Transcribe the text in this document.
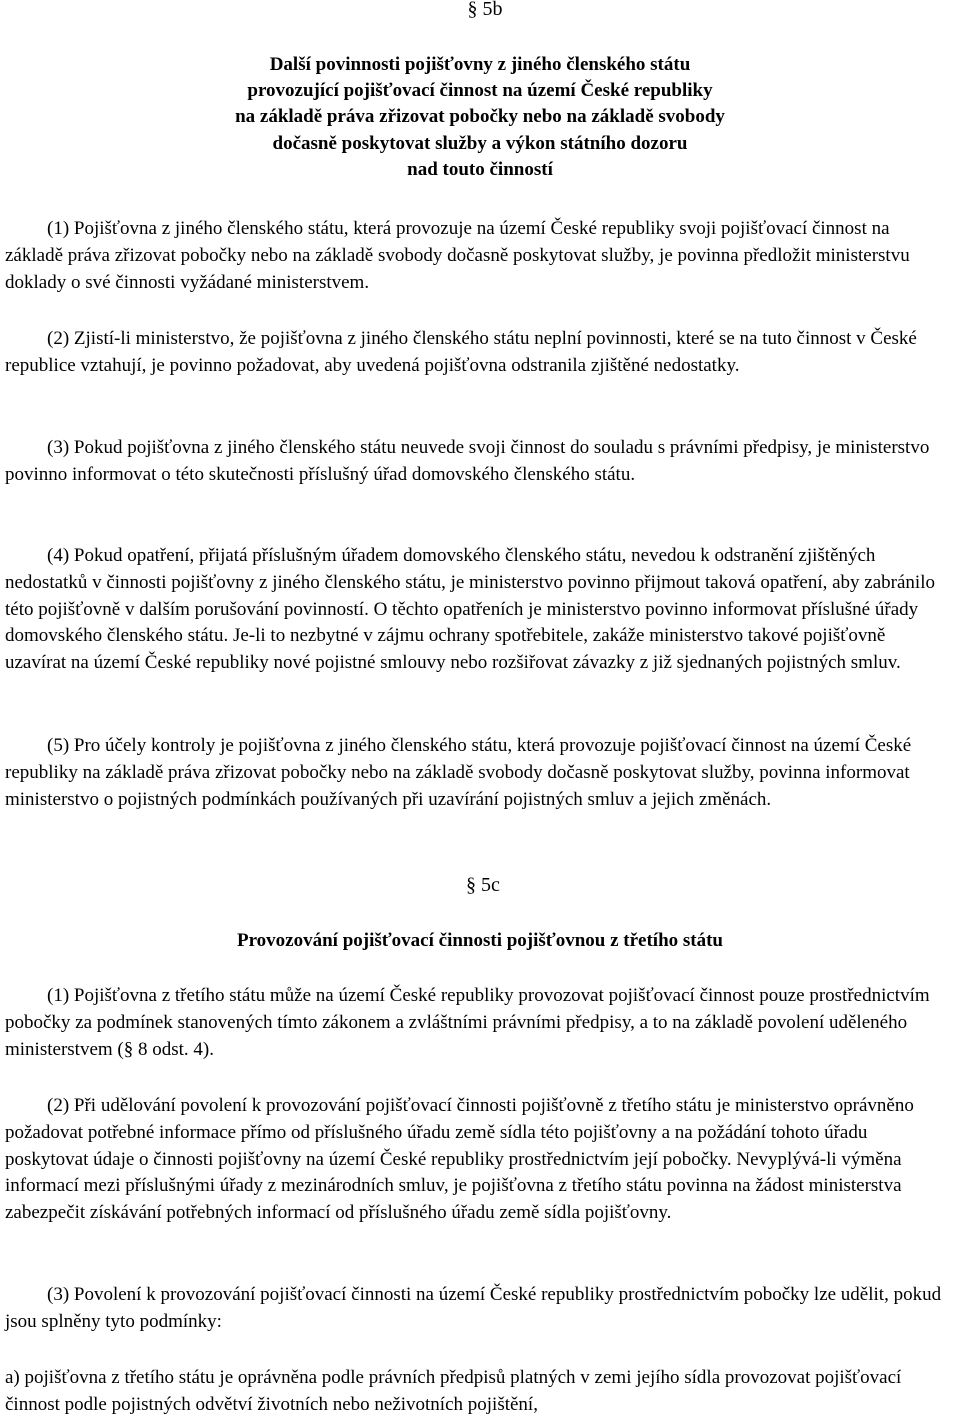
§ 5b
Další povinnosti pojišťovny z jiného členského státu
provozující pojišťovací činnost na území České republiky
na základě práva zřizovat pobočky nebo na základě svobody
dočasně poskytovat služby a výkon státního dozoru
nad touto činností

(1) Pojišťovna z jiného členského státu, která provozuje na území České republiky svoji pojišťovací činnost na základě práva zřizovat pobočky nebo na základě svobody dočasně poskytovat služby, je povinna předložit ministerstvu doklady o své činnosti vyžádané ministerstvem.

(2) Zjistí-li ministerstvo, že pojišťovna z jiného členského státu neplní povinnosti, které se na tuto činnost v České republice vztahují, je povinno požadovat, aby uvedená pojišťovna odstranila zjištěné nedostatky.

(3) Pokud pojišťovna z jiného členského státu neuvede svoji činnost do souladu s právními předpisy, je ministerstvo povinno informovat o této skutečnosti příslušný úřad domovského členského státu.

(4) Pokud opatření, přijatá příslušným úřadem domovského členského státu, nevedou k odstranění zjištěných nedostatků v činnosti pojišťovny z jiného členského státu, je ministerstvo povinno přijmout taková opatření, aby zabránilo této pojišťovně v dalším porušování povinností. O těchto opatřeních je ministerstvo povinno informovat příslušné úřady domovského členského státu. Je-li to nezbytné v zájmu ochrany spotřebitele, zakáže ministerstvo takové pojišťovně uzavírat na území České republiky nové pojistné smlouvy nebo rozšiřovat závazky z již sjednaných pojistných smluv.

(5) Pro účely kontroly je pojišťovna z jiného členského státu, která provozuje pojišťovací činnost na území České republiky na základě práva zřizovat pobočky nebo na základě svobody dočasně poskytovat služby, povinna informovat ministerstvo o pojistných podmínkách používaných při uzavírání pojistných smluv a jejich změnách.

§ 5c
Provozování pojišťovací činnosti pojišťovnou z třetího státu

(1) Pojišťovna z třetího státu může na území České republiky provozovat pojišťovací činnost pouze prostřednictvím pobočky za podmínek stanovených tímto zákonem a zvláštními právními předpisy, a to na základě povolení uděleného ministerstvem (§ 8 odst. 4).

(2) Při udělování povolení k provozování pojišťovací činnosti pojišťovně z třetího státu je ministerstvo oprávněno požadovat potřebné informace přímo od příslušného úřadu země sídla této pojišťovny a na požádání tohoto úřadu poskytovat údaje o činnosti pojišťovny na území České republiky prostřednictvím její pobočky. Nevyplývá-li výměna informací mezi příslušnými úřady z mezinárodních smluv, je pojišťovna z třetího státu povinna na žádost ministerstva zabezpečit získávání potřebných informací od příslušného úřadu země sídla pojišťovny.

(3) Povolení k provozování pojišťovací činnosti na území České republiky prostřednictvím pobočky lze udělit, pokud jsou splněny tyto podmínky:

a) pojišťovna z třetího státu je oprávněna podle právních předpisů platných v zemi jejího sídla provozovat pojišťovací činnost podle pojistných odvětví životních nebo neživotních pojištění,
